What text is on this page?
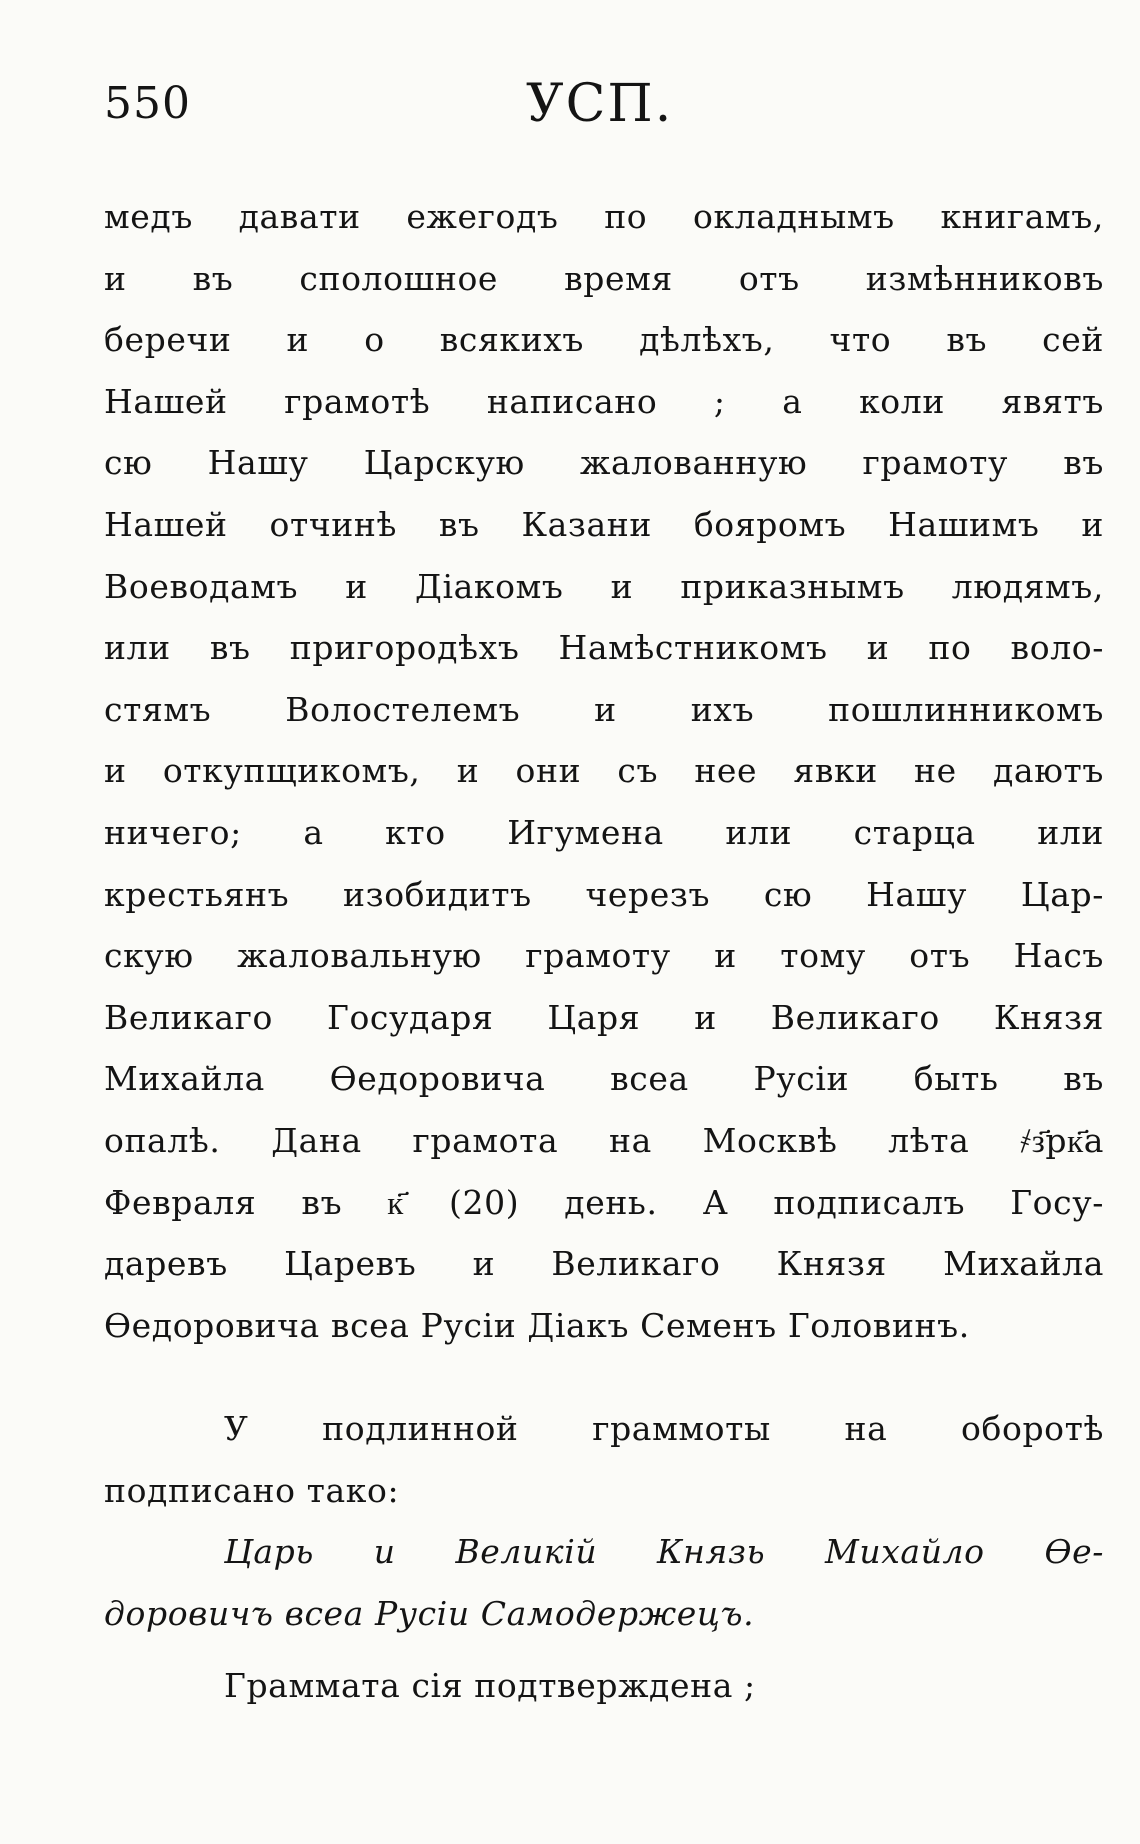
550	УСП.
медъ давати ежегодъ по окладнымъ книгамъ,
и въ сполошное время отъ измѣнниковъ
беречи и о всякихъ дѣлѣхъ, что въ сей
Нашей грамотѣ написано ; а коли явятъ
сю Нашу Царскую жалованную грамоту въ
Нашей отчинѣ въ Казани бояромъ Нашимъ и
Воеводамъ и Діакомъ и приказнымъ людямъ,
или въ пригородѣхъ Намѣстникомъ и по воло-
стямъ Волостелемъ и ихъ пошлинникомъ
и откупщикомъ, и они съ нее явки не даютъ
ничего; а кто Игумена или старца или
крестьянъ изобидитъ черезъ сю Нашу Цар-
скую жаловальную грамоту и тому отъ Насъ
Великаго Государя Царя и Великаго Князя
Михайла Өедоровича всеа Русіи быть въ
опалѣ. Дана грамота на Москвѣ лѣта ҂з҃рк҃а
Февраля въ к҃ (20) день. А подписалъ Госу-
даревъ Царевъ и Великаго Князя Михайла
Өедоровича всеа Русіи Діакъ Семенъ Головинъ.
У подлинной граммоты на оборотѣ
подписано тако:
Царь и Великій Князь Михайло Өе-
доровичъ всеа Русіи Самодержецъ.
Граммата сія подтверждена ;
